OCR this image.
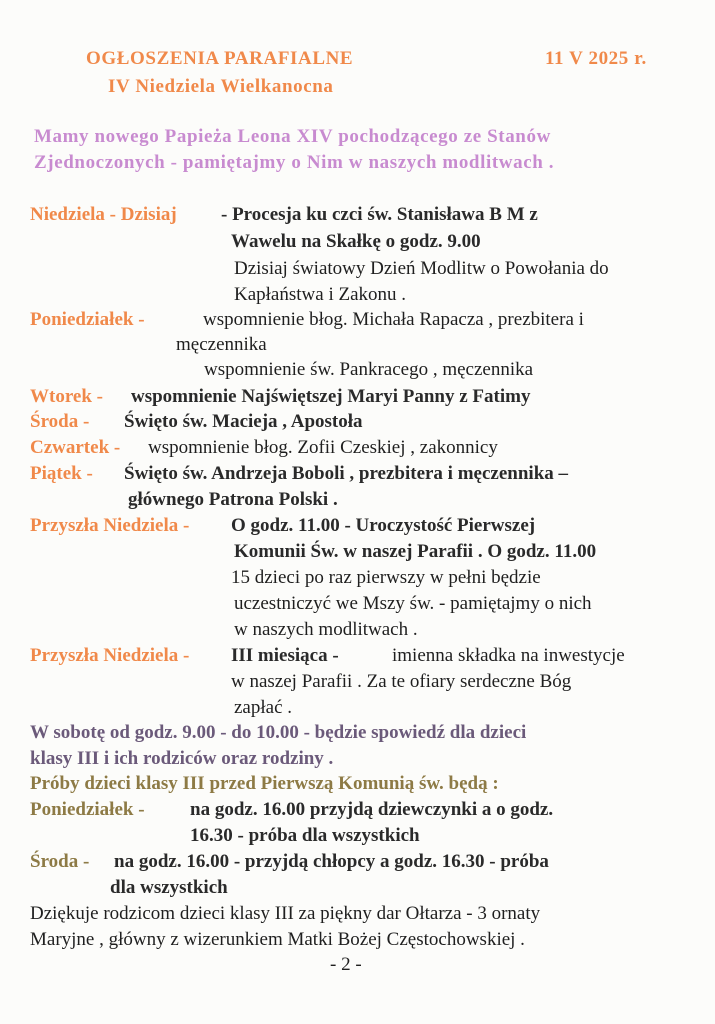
OGŁOSZENIA PARAFIALNE	11 V 2025 r.
IV Niedziela Wielkanocna
Mamy nowego Papieża Leona XIV pochodzącego ze Stanów
Zjednoczonych - pamiętajmy o Nim w naszych modlitwach .
Niedziela - Dzisiaj - Procesja ku czci św. Stanisława B M z
Wawelu na Skałkę o godz. 9.00
Dzisiaj światowy Dzień Modlitw o Powołania do
Kapłaństwa i Zakonu .
Poniedziałek -	wspomnienie błog. Michała Rapacza , prezbitera i
męczennika
wspomnienie św. Pankracego , męczennika
Wtorek - wspomnienie Najświętszej Maryi Panny z Fatimy
Środa - Święto św. Macieja , Apostoła
Czwartek - wspomnienie błog. Zofii Czeskiej , zakonnicy
Piątek - Święto św. Andrzeja Boboli , prezbitera i męczennika –
głównego Patrona Polski .
Przyszła Niedziela - O godz. 11.00 - Uroczystość Pierwszej
Komunii Św. w naszej Parafii . O godz. 11.00
15 dzieci po raz pierwszy w pełni będzie
uczestniczyć we Mszy św. - pamiętajmy o nich
w naszych modlitwach .
Przyszła Niedziela - III miesiąca -	imienna składka na inwestycje
w naszej Parafii . Za te ofiary serdeczne Bóg
zapłać .
W sobotę od godz. 9.00 - do 10.00 - będzie spowiedź dla dzieci
klasy III i ich rodziców oraz rodziny .
Próby dzieci klasy III przed Pierwszą Komunią św. będą :
Poniedziałek - na godz. 16.00 przyjdą dziewczynki a o godz.
16.30 - próba dla wszystkich
Środa - na godz. 16.00 - przyjdą chłopcy a godz. 16.30 - próba
dla wszystkich
Dziękuje rodzicom dzieci klasy III za piękny dar Ołtarza - 3 ornaty
Maryjne , główny z wizerunkiem Matki Bożej Częstochowskiej .
- 2 -
